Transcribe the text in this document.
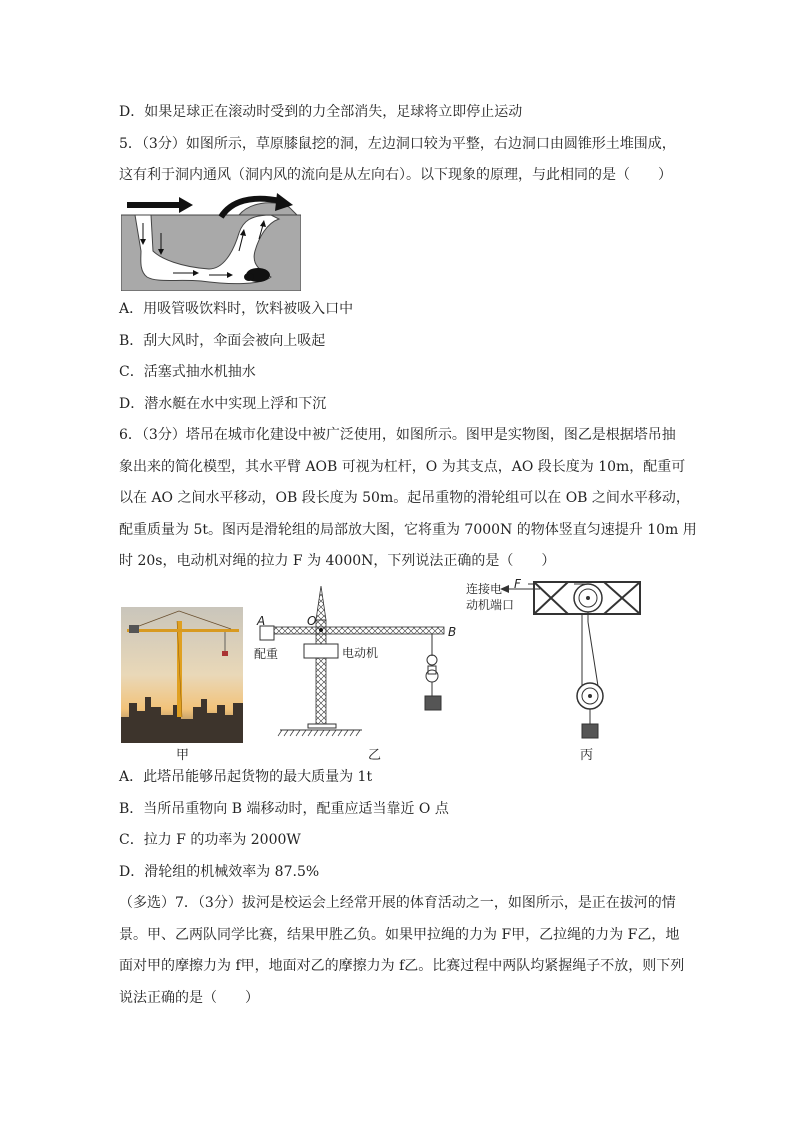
D．如果足球正在滚动时受到的力全部消失，足球将立即停止运动
5．（3分）如图所示，草原膝鼠挖的洞，左边洞口较为平整，右边洞口由圆锥形土堆围成，
这有利于洞内通风（洞内风的流向是从左向右）。以下现象的原理，与此相同的是（　　）
A．用吸管吸饮料时，饮料被吸入口中
B．刮大风时，伞面会被向上吸起
C．活塞式抽水机抽水
D．潜水艇在水中实现上浮和下沉
6．（3分）塔吊在城市化建设中被广泛使用，如图所示。图甲是实物图，图乙是根据塔吊抽
象出来的简化模型，其水平臂 AOB 可视为杠杆，O 为其支点，AO 段长度为 10m，配重可
以在 AO 之间水平移动，OB 段长度为 50m。起吊重物的滑轮组可以在 OB 之间水平移动，
配重质量为 5t。图丙是滑轮组的局部放大图，它将重为 7000N 的物体竖直匀速提升 10m 用
时 20s，电动机对绳的拉力 F 为 4000N，下列说法正确的是（　　）
甲
A	O
B
配重	电动机
乙
F
连接电
动机端口
丙
A．此塔吊能够吊起货物的最大质量为 1t
B．当所吊重物向 B 端移动时，配重应适当靠近 O 点
C．拉力 F 的功率为 2000W
D．滑轮组的机械效率为 87.5%
（多选）7．（3分）拔河是校运会上经常开展的体育活动之一，如图所示，是正在拔河的情
景。甲、乙两队同学比赛，结果甲胜乙负。如果甲拉绳的力为 F甲，乙拉绳的力为 F乙，地
面对甲的摩擦力为 f甲，地面对乙的摩擦力为 f乙。比赛过程中两队均紧握绳子不放，则下列
说法正确的是（　　）
